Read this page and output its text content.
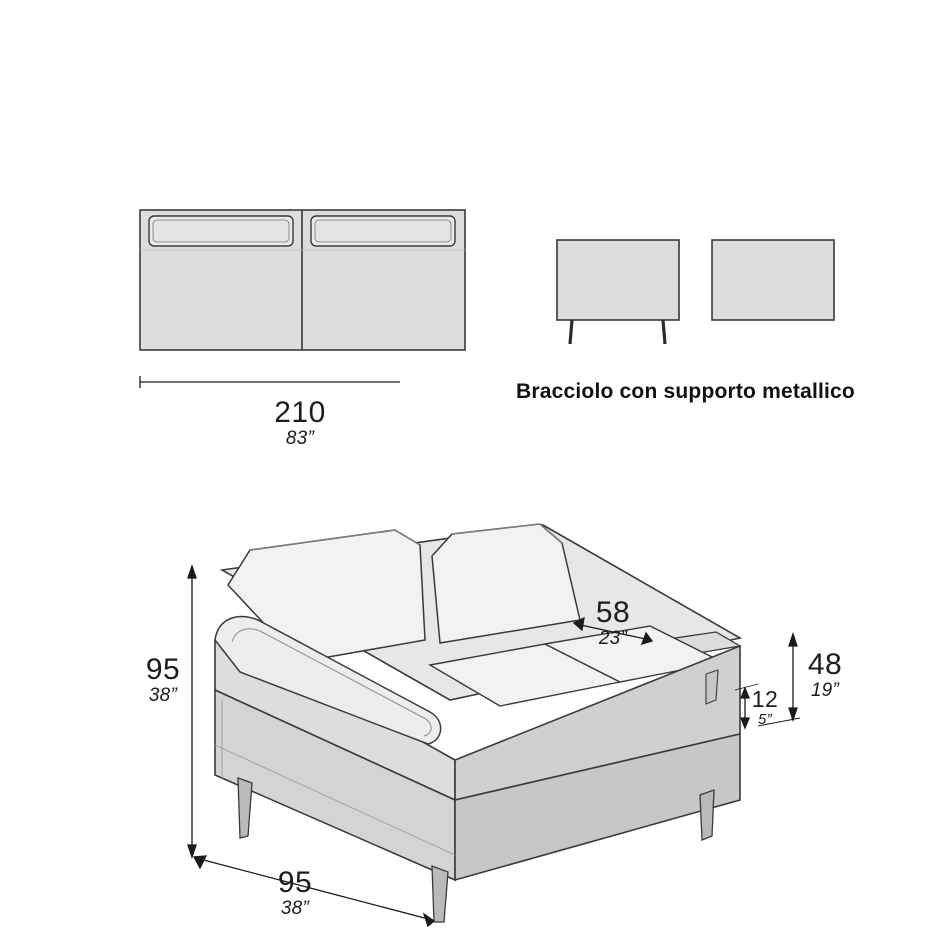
210
83”
Bracciolo con supporto metallico
95
38”
95
38”
58
23”
48
19”
12
5”
